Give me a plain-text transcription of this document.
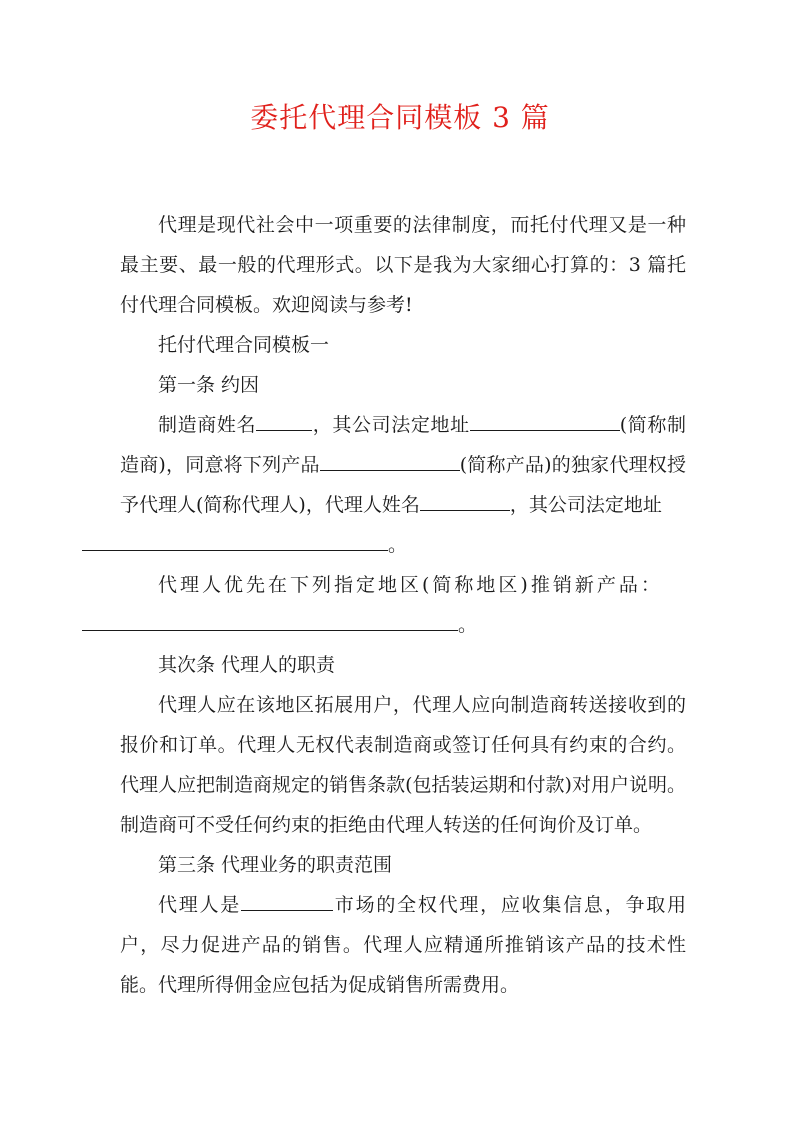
委托代理合同模板 3 篇

代理是现代社会中一项重要的法律制度，而托付代理又是一种最主要、最一般的代理形式。以下是我为大家细心打算的：3 篇托付代理合同模板。欢迎阅读与参考!

托付代理合同模板一

第一条 约因

制造商姓名	，其公司法定地址	(简称制造商)，同意将下列产品	(简称产品)的独家代理权授予代理人(简称代理人)，代理人姓名	，其公司法定地址
。

代理人优先在下列指定地区(简称地区)推销新产品：
。

其次条 代理人的职责

代理人应在该地区拓展用户，代理人应向制造商转送接收到的报价和订单。代理人无权代表制造商或签订任何具有约束的合约。代理人应把制造商规定的销售条款(包括装运期和付款)对用户说明。制造商可不受任何约束的拒绝由代理人转送的任何询价及订单。

第三条 代理业务的职责范围

代理人是	市场的全权代理，应收集信息，争取用户，尽力促进产品的销售。代理人应精通所推销该产品的技术性能。代理所得佣金应包括为促成销售所需费用。
